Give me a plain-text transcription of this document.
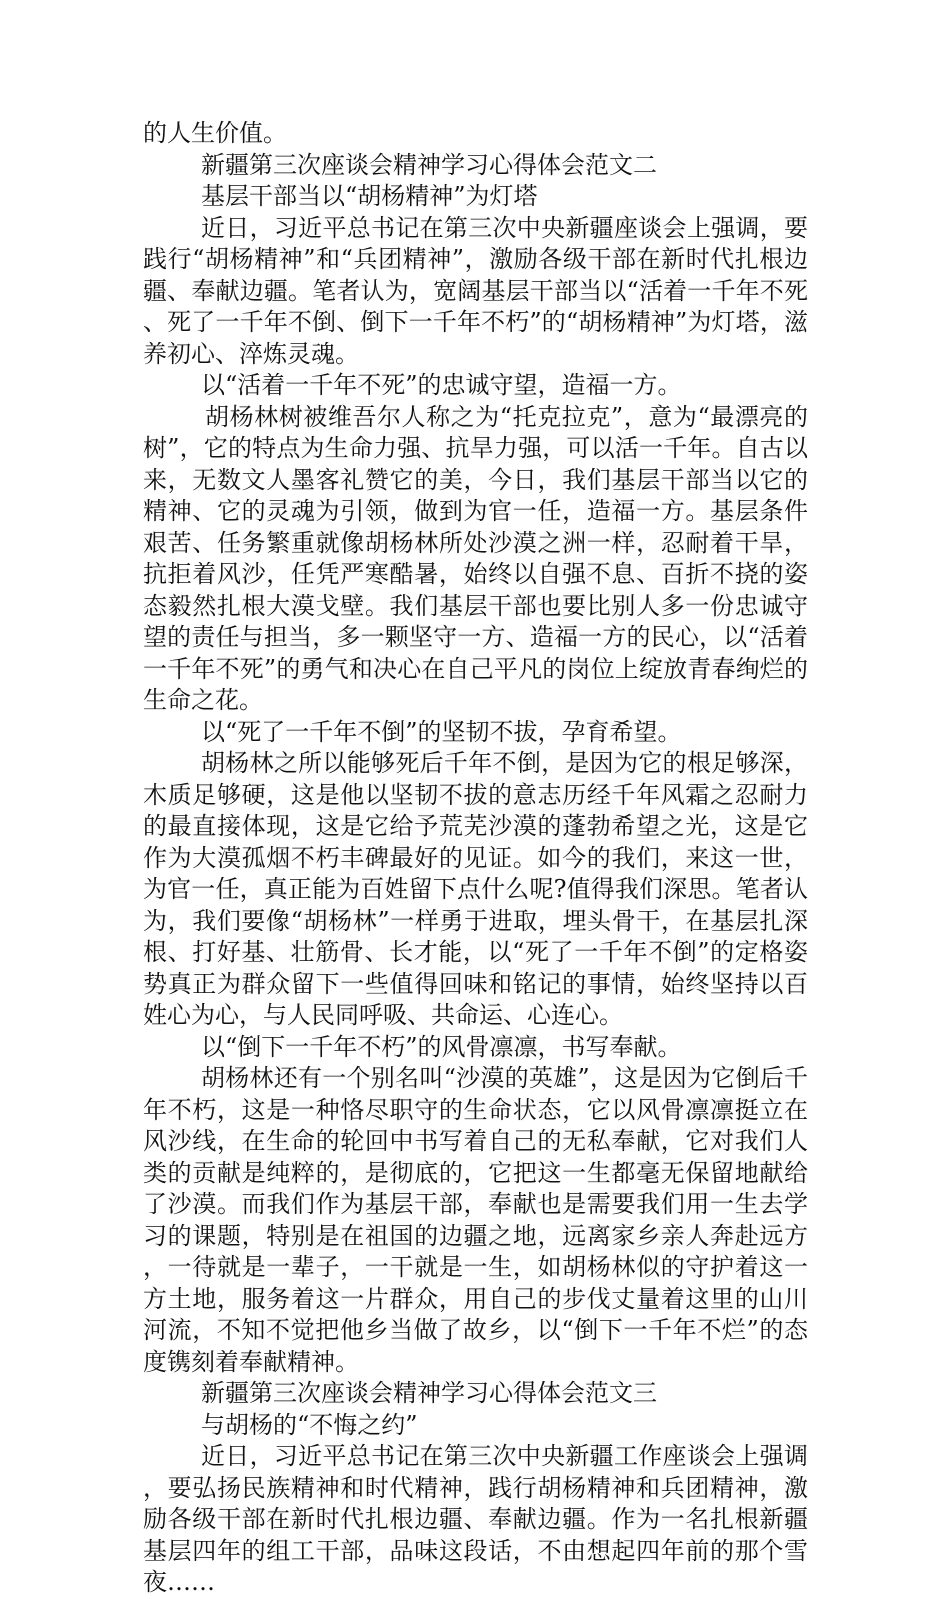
的人生价值。

新疆第三次座谈会精神学习心得体会范文二

基层干部当以“胡杨精神”为灯塔

近日，习近平总书记在第三次中央新疆座谈会上强调，要践行“胡杨精神”和“兵团精神”，激励各级干部在新时代扎根边疆、奉献边疆。笔者认为，宽阔基层干部当以“活着一千年不死、死了一千年不倒、倒下一千年不朽”的“胡杨精神”为灯塔，滋养初心、淬炼灵魂。

以“活着一千年不死”的忠诚守望，造福一方。

胡杨林树被维吾尔人称之为“托克拉克”，意为“最漂亮的树”，它的特点为生命力强、抗旱力强，可以活一千年。自古以来，无数文人墨客礼赞它的美，今日，我们基层干部当以它的精神、它的灵魂为引领，做到为官一任，造福一方。基层条件艰苦、任务繁重就像胡杨林所处沙漠之洲一样，忍耐着干旱，抗拒着风沙，任凭严寒酷暑，始终以自强不息、百折不挠的姿态毅然扎根大漠戈壁。我们基层干部也要比别人多一份忠诚守望的责任与担当，多一颗坚守一方、造福一方的民心，以“活着一千年不死”的勇气和决心在自己平凡的岗位上绽放青春绚烂的生命之花。

以“死了一千年不倒”的坚韧不拔，孕育希望。

胡杨林之所以能够死后千年不倒，是因为它的根足够深，木质足够硬，这是他以坚韧不拔的意志历经千年风霜之忍耐力的最直接体现，这是它给予荒芜沙漠的蓬勃希望之光，这是它作为大漠孤烟不朽丰碑最好的见证。如今的我们，来这一世，为官一任，真正能为百姓留下点什么呢?值得我们深思。笔者认为，我们要像“胡杨林”一样勇于进取，埋头骨干，在基层扎深根、打好基、壮筋骨、长才能，以“死了一千年不倒”的定格姿势真正为群众留下一些值得回味和铭记的事情，始终坚持以百姓心为心，与人民同呼吸、共命运、心连心。

以“倒下一千年不朽”的风骨凛凛，书写奉献。

胡杨林还有一个别名叫“沙漠的英雄”，这是因为它倒后千年不朽，这是一种恪尽职守的生命状态，它以风骨凛凛挺立在风沙线，在生命的轮回中书写着自己的无私奉献，它对我们人类的贡献是纯粹的，是彻底的，它把这一生都毫无保留地献给了沙漠。而我们作为基层干部，奉献也是需要我们用一生去学习的课题，特别是在祖国的边疆之地，远离家乡亲人奔赴远方，一待就是一辈子，一干就是一生，如胡杨林似的守护着这一方土地，服务着这一片群众，用自己的步伐丈量着这里的山川河流，不知不觉把他乡当做了故乡，以“倒下一千年不烂”的态度镌刻着奉献精神。

新疆第三次座谈会精神学习心得体会范文三

与胡杨的“不悔之约”

近日，习近平总书记在第三次中央新疆工作座谈会上强调，要弘扬民族精神和时代精神，践行胡杨精神和兵团精神，激励各级干部在新时代扎根边疆、奉献边疆。作为一名扎根新疆基层四年的组工干部，品味这段话，不由想起四年前的那个雪夜……
